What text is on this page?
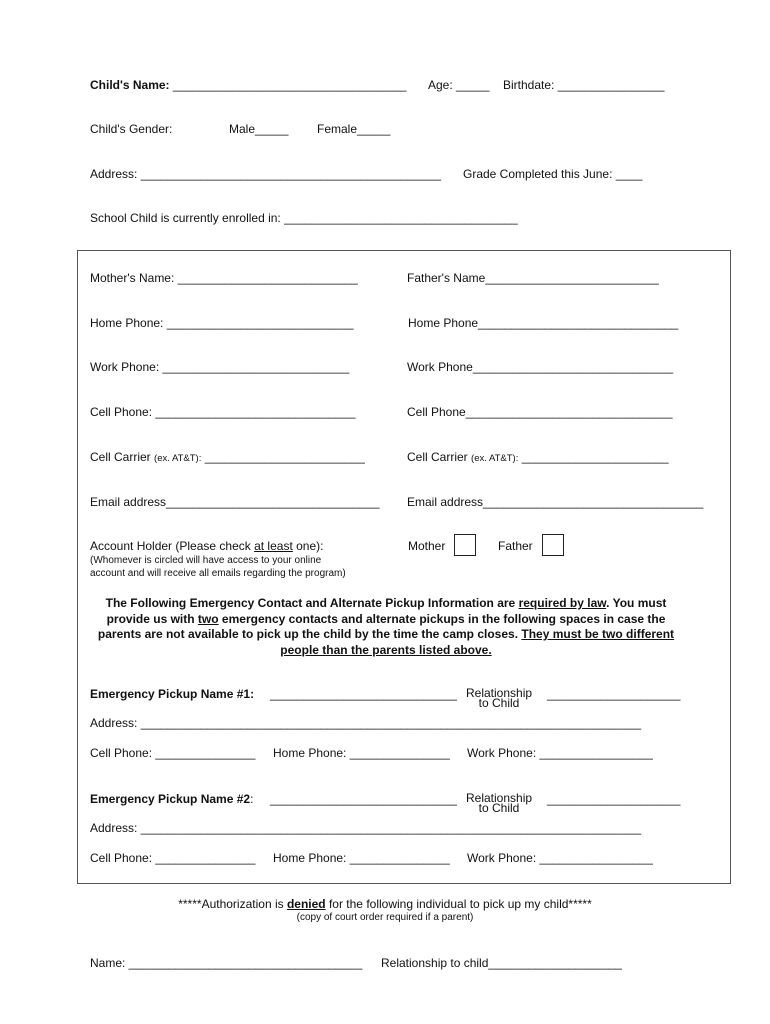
Child's Name: ___________________________________ Age: _____ Birthdate: ________________
Child's Gender:	Male_____ Female_____
Address: _____________________________________________ Grade Completed this June: ____
School Child is currently enrolled in: ___________________________________
Mother's Name: ___________________________	Father's Name__________________________
Home Phone: ____________________________	Home Phone______________________________
Work Phone: ____________________________	Work Phone______________________________
Cell Phone: ______________________________	Cell Phone_______________________________
Cell Carrier (ex. AT&T): ________________________	Cell Carrier (ex. AT&T): ______________________
Email address________________________________ Email address_________________________________
Account Holder (Please check at least one):
(Whomever is circled will have access to your online
account and will receive all emails regarding the program)
Mother	Father
The Following Emergency Contact and Alternate Pickup Information are required by law. You must provide us with two emergency contacts and alternate pickups in the following spaces in case the parents are not available to pick up the child by the time the camp closes. They must be two different people than the parents listed above.
Emergency Pickup Name #1: ____________________________ Relationship
to Child
____________________
Address: ___________________________________________________________________________
Cell Phone: _______________ Home Phone: _______________ Work Phone: _________________
Emergency Pickup Name #2: ____________________________ Relationship
to Child
____________________
Address: ___________________________________________________________________________
Cell Phone: _______________ Home Phone: _______________ Work Phone: _________________
*****Authorization is denied for the following individual to pick up my child*****
(copy of court order required if a parent)
Name: ___________________________________ Relationship to child____________________
